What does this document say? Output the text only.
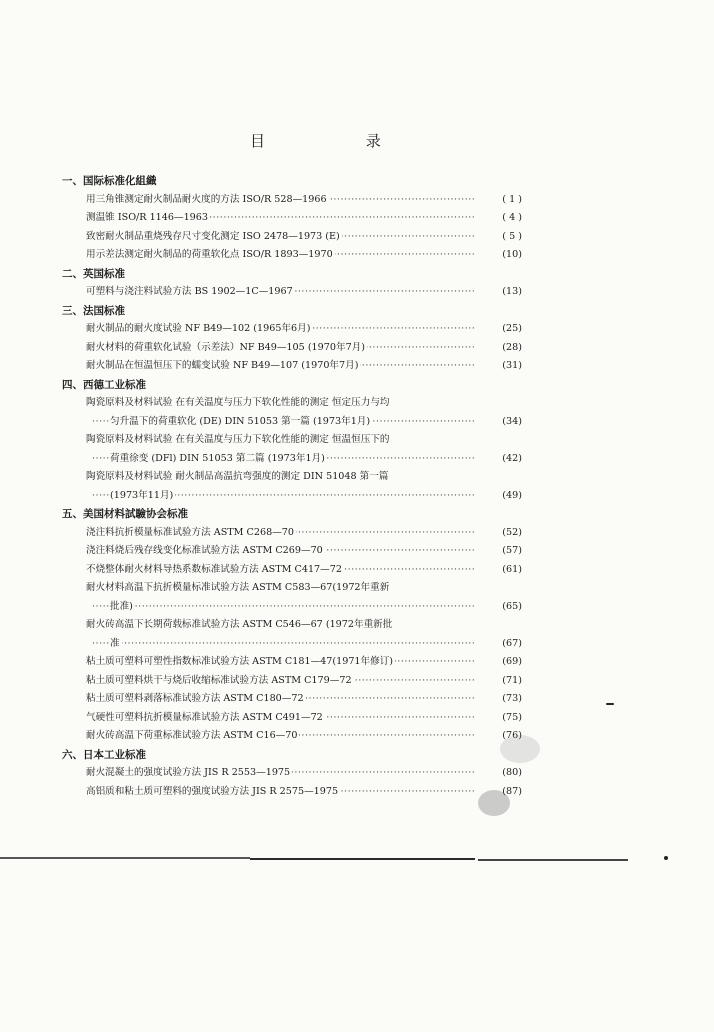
目 录
一、国际标准化組織
·····
用三角锥测定耐火制品耐火度的方法 ISO/R 528—1966	( 1 )
·····
测温锥 ISO/R 1146—1963	( 4 )
·····
致密耐火制品重烧残存尺寸变化测定 ISO 2478—1973 (E)	( 5 )
·····
用示差法测定耐火制品的荷重软化点 ISO/R 1893—1970	(10)
二、英国标准
·····
可塑料与浇注料试验方法 BS 1902—1C—1967	(13)
三、法国标准
·····
耐火制品的耐火度试验 NF B49—102 (1965年6月)	(25)
·····
耐火材料的荷重软化试验（示差法）NF B49—105 (1970年7月)	(28)
·····
耐火制品在恒温恒压下的蠕变试验 NF B49—107 (1970年7月)	(31)
四、西德工业标准
陶瓷原料及材料试验 在有关温度与压力下软化性能的测定 恒定压力与均
·····
匀升温下的荷重软化 (DE) DIN 51053 第一篇 (1973年1月)	(34)
陶瓷原料及材料试验 在有关温度与压力下软化性能的测定 恒温恒压下的
·····
荷重徐变 (DFl) DIN 51053 第二篇 (1973年1月)	(42)
陶瓷原料及材料试验 耐火制品高温抗弯强度的测定 DIN 51048 第一篇
·····
(1973年11月)	(49)
五、美国材料試驗协会标准
·····
浇注料抗折模量标准试验方法 ASTM C268—70	(52)
·····
浇注料烧后残存线变化标准试验方法 ASTM C269—70	(57)
·····
不烧整体耐火材料导热系数标准试验方法 ASTM C417—72	(61)
耐火材料高温下抗折模量标准试验方法 ASTM C583—67(1972年重新
·····
批准)	(65)
耐火砖高温下长期荷载标准试验方法 ASTM C546—67 (1972年重新批
·····
准	(67)
·····
粘土质可塑料可塑性指数标准试验方法 ASTM C181—47(1971年修订)	(69)
·····
粘土质可塑料烘干与烧后收缩标准试验方法 ASTM C179—72	(71)
·····
粘土质可塑料剥落标准试验方法 ASTM C180—72	(73)
·····
气硬性可塑料抗折模量标准试验方法 ASTM C491—72	(75)
·····
耐火砖高温下荷重标准试验方法 ASTM C16—70	(76)
六、日本工业标准
·····
耐火混凝土的强度试验方法 JIS R 2553—1975	(80)
·····
高铝质和粘土质可塑料的强度试验方法 JIS R 2575—1975	(87)
